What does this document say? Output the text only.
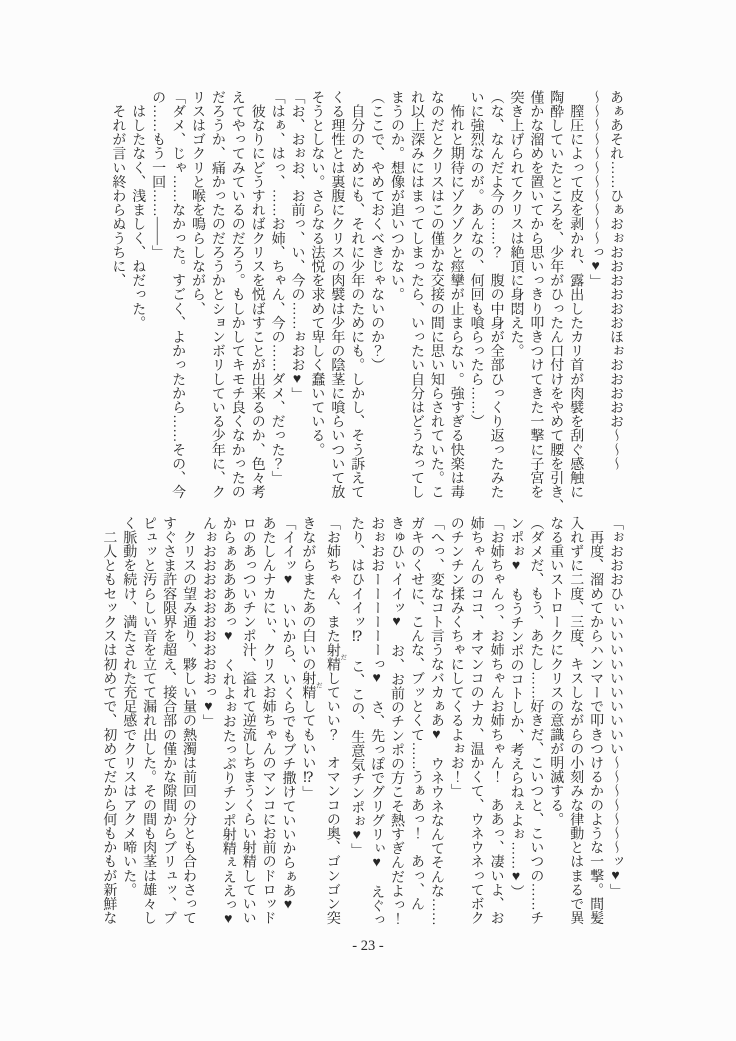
あぁあそれ……ひぁおぉおおおおおおほぉおおおおお～～～
～～～～～～～～～～～っ♥」
　膣圧によって皮を剥かれ、露出したカリ首が肉襞を刮ぐ感触に
陶酔していたところを、少年がひったん口付けをやめて腰を引き、
僅かな溜めを置いてから思いっきり叩きつけてきた一撃に子宮を
突き上げられてクリスは絶頂に身悶えた。
（な、なんだよ今の……？　腹の中身が全部ひっくり返ったみた
いに強烈なのが。あんなの、何回も喰らったら……）
　怖れと期待にゾクゾクと痙攣が止まらない。強すぎる快楽は毒
なのだとクリスはこの僅かな交接の間に思い知らされていた。こ
れ以上深みにはまってしまったら、いったい自分はどうなってし
まうのか。想像が追いつかない。
（ここで、やめておくべきじゃないのか？）
　自分のためにも、それに少年のためにも。しかし、そう訴えて
くる理性とは裏腹にクリスの肉襞は少年の陰茎に喰らいついて放
そうとしない。さらなる法悦を求めて卑しく蠢いている。
「お、おぉお、お前っ、い、今の……ぉおお♥」
「はぁ、はっ、……お姉、ちゃん、今の……ダメ、だった？」
　彼なりにどうすればクリスを悦ばすことが出来るのか、色々考
えてやってみているのだろう。もしかしてキモチ良くなかったの
だろうか、痛かったのだろうかとションボリしている少年に、ク
リスはゴクリと喉を鳴らしながら、
「ダメ、じゃ……なかった。すごく、よかったから……その、今
の……もう一回……――」
　はしたなく、浅ましく、ねだった。
　それが言い終わらぬうちに、
「ぉおおおひぃいいいいいいいいいい～～～～～～～ッ♥」
　再度、溜めてからハンマーで叩きつけるかのような一撃。間髪
入れずに二度、三度、キスしながらの小刻みな律動とはまるで異
なる重いストロークにクリスの意識が明滅する。
（ダメだ、もう、あたし……好きだ、こいつと、こいつの……チ
ンポぉ♥　もうチンポのコトしか、考えらねぇよぉ……♥）
「お姉ちゃんっ、お姉ちゃんお姉ちゃん！　ああっ、凄いよ、お
姉ちゃんのココ、オマンコのナカ、温かくて、ウネウネってボク
のチンチン揉みくちゃにしてくるよぉお！」
「へっ、変なコト言うなバカぁあ♥　ウネウネなんてそんな……
ガキのくせに、こんな、ブッとくて……うぁあっ！　あっ、ん
きゅひぃイイッ♥　お、お前のチンポの方こそ熱すぎんだよっ！
おぉおおーーーーーーっ♥　さ、先っぽでグリグリぃ♥　えぐっ
たり、はひイイッ⁉　こ、この、生意気チンポぉ♥」
「お姉ちゃん、また射精 だしていい？　オマンコの奥、ゴンゴン突
きながらまたあの白いの射精 だしてもいい⁉」
「イイッ♥　いいから、いくらでもブチ撒けていいからぁあ♥
あたしんナカにぃ、クリスお姉ちゃんのマンコにお前のドロッド
ロのあっついチンポ汁、溢れて逆流しちまうくらい射精していい
からぁああああっ♥　くれよぉおたっぷりチンポ射精ぇええっ♥
んぉおおおおおおおおおおっ♥」
　クリスの望み通り、夥しい量の熱濁は前回の分とも合わさって
すぐさま許容限界を超え、接合部の僅かな隙間からブリュッ、ブ
ピュッと汚らしい音を立てて漏れ出した。その間も肉茎は雄々し
く脈動を続け、満たされた充足感でクリスはアクメ啼いた。
　二人ともセックスは初めてで、初めてだから何もかもが新鮮な
- 23 -
